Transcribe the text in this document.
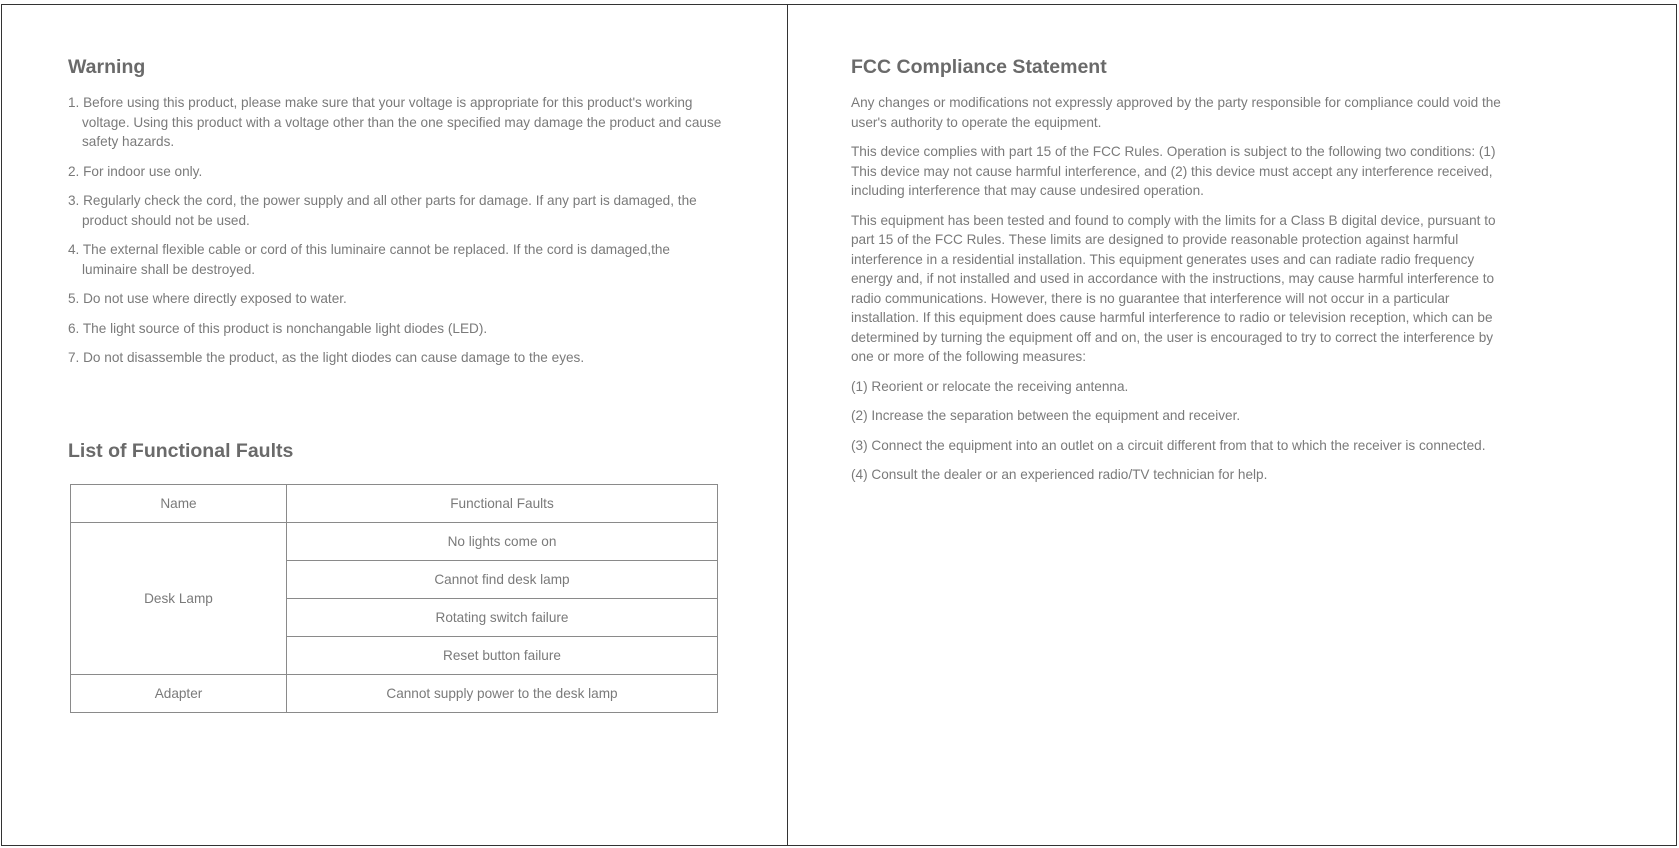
Warning
1. Before using this product, please make sure that your voltage is appropriate for this product's working voltage. Using this product with a voltage other than the one specified may damage the product and cause safety hazards.
2. For indoor use only.
3. Regularly check the cord, the power supply and all other parts for damage. If any part is damaged, the product should not be used.
4. The external flexible cable or cord of this luminaire cannot be replaced. If the cord is damaged,the luminaire shall be destroyed.
5. Do not use where directly exposed to water.
6. The light source of this product is nonchangable light diodes (LED).
7. Do not disassemble the product, as the light diodes can cause damage to the eyes.
List of Functional Faults
Name	Functional Faults
Desk Lamp	No lights come on
	Cannot find desk lamp
	Rotating switch failure
	Reset button failure
Adapter	Cannot supply power to the desk lamp
FCC Compliance Statement

Any changes or modifications not expressly approved by the party responsible for compliance could void the user's authority to operate the equipment.

This device complies with part 15 of the FCC Rules. Operation is subject to the following two conditions: (1) This device may not cause harmful interference, and (2) this device must accept any interference received, including interference that may cause undesired operation.

This equipment has been tested and found to comply with the limits for a Class B digital device, pursuant to part 15 of the FCC Rules. These limits are designed to provide reasonable protection against harmful interference in a residential installation. This equipment generates uses and can radiate radio frequency energy and, if not installed and used in accordance with the instructions, may cause harmful interference to radio communications. However, there is no guarantee that interference will not occur in a particular installation. If this equipment does cause harmful interference to radio or television reception, which can be determined by turning the equipment off and on, the user is encouraged to try to correct the interference by one or more of the following measures:

(1) Reorient or relocate the receiving antenna.

(2) Increase the separation between the equipment and receiver.

(3) Connect the equipment into an outlet on a circuit different from that to which the receiver is connected.

(4) Consult the dealer or an experienced radio/TV technician for help.
